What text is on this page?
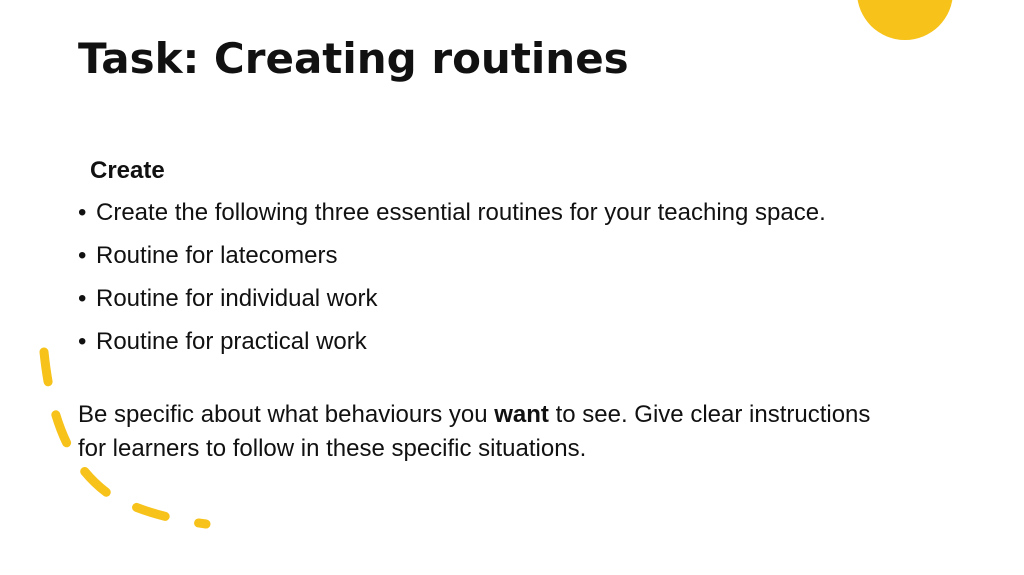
Task: Creating routines
Create
• Create the following three essential routines for your teaching space.
• Routine for latecomers
• Routine for individual work
• Routine for practical work

Be specific about what behaviours you want to see. Give clear instructions for learners to follow in these specific situations.
